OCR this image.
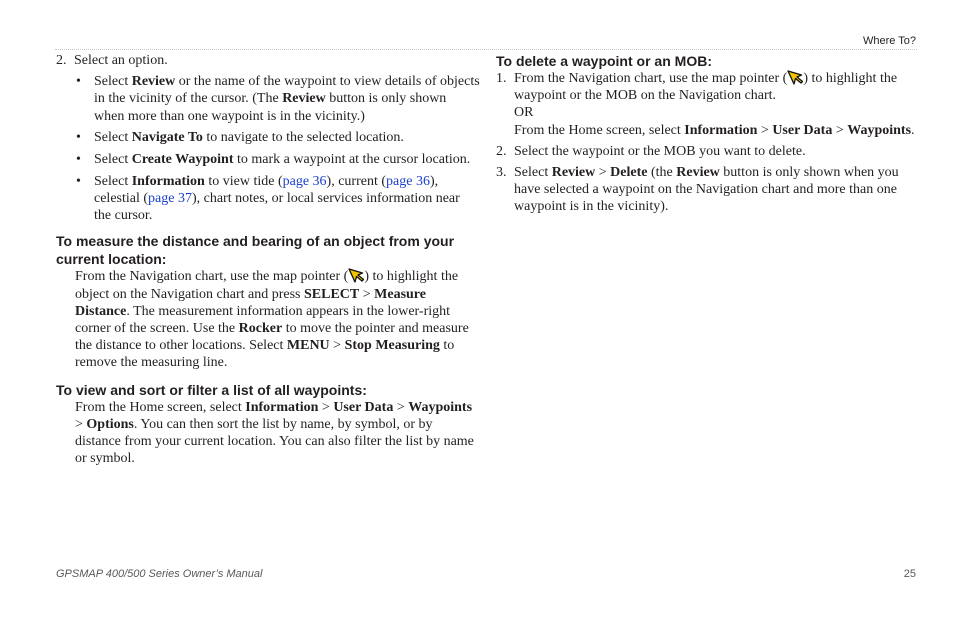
Where To?
2. Select an option.
• Select Review or the name of the waypoint to view details of objects in the vicinity of the cursor. (The Review button is only shown when more than one waypoint is in the vicinity.)
• Select Navigate To to navigate to the selected location.
• Select Create Waypoint to mark a waypoint at the cursor location.
• Select Information to view tide (page 36), current (page 36), celestial (page 37), chart notes, or local services information near the cursor.
To measure the distance and bearing of an object from your current location:
From the Navigation chart, use the map pointer ( ) to highlight the object on the Navigation chart and press SELECT > Measure Distance. The measurement information appears in the lower-right corner of the screen. Use the Rocker to move the pointer and measure the distance to other locations. Select MENU > Stop Measuring to remove the measuring line.
To view and sort or filter a list of all waypoints:
From the Home screen, select Information > User Data > Waypoints > Options. You can then sort the list by name, by symbol, or by distance from your current location. You can also filter the list by name or symbol.
To delete a waypoint or an MOB:
1. From the Navigation chart, use the map pointer ( ) to highlight the waypoint or the MOB on the Navigation chart.
OR
From the Home screen, select Information > User Data > Waypoints.
2. Select the waypoint or the MOB you want to delete.
3. Select Review > Delete (the Review button is only shown when you have selected a waypoint on the Navigation chart and more than one waypoint is in the vicinity).
GPSMAP 400/500 Series Owner’s Manual	25
